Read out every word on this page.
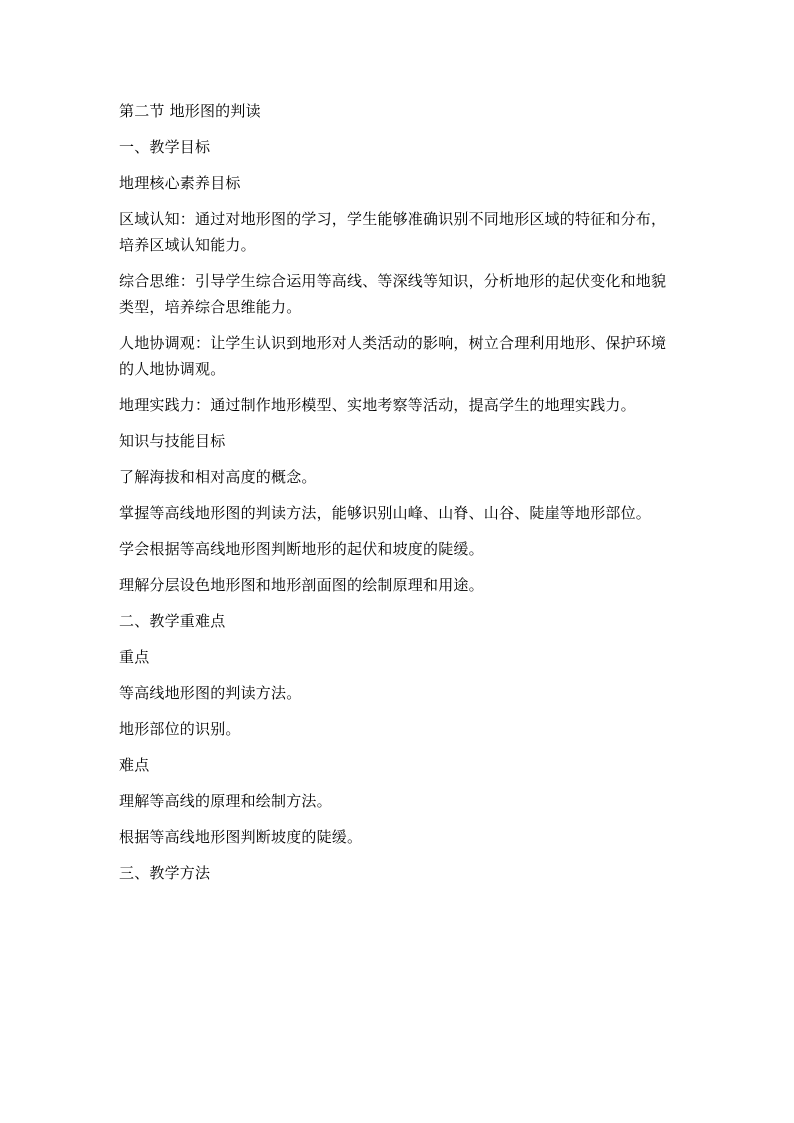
第二节 地形图的判读

一、教学目标

地理核心素养目标

区域认知：通过对地形图的学习，学生能够准确识别不同地形区域的特征和分布，培养区域认知能力。

综合思维：引导学生综合运用等高线、等深线等知识，分析地形的起伏变化和地貌类型，培养综合思维能力。

人地协调观：让学生认识到地形对人类活动的影响，树立合理利用地形、保护环境的人地协调观。

地理实践力：通过制作地形模型、实地考察等活动，提高学生的地理实践力。

知识与技能目标

了解海拔和相对高度的概念。

掌握等高线地形图的判读方法，能够识别山峰、山脊、山谷、陡崖等地形部位。

学会根据等高线地形图判断地形的起伏和坡度的陡缓。

理解分层设色地形图和地形剖面图的绘制原理和用途。

二、教学重难点

重点

等高线地形图的判读方法。

地形部位的识别。

难点

理解等高线的原理和绘制方法。

根据等高线地形图判断坡度的陡缓。

三、教学方法
